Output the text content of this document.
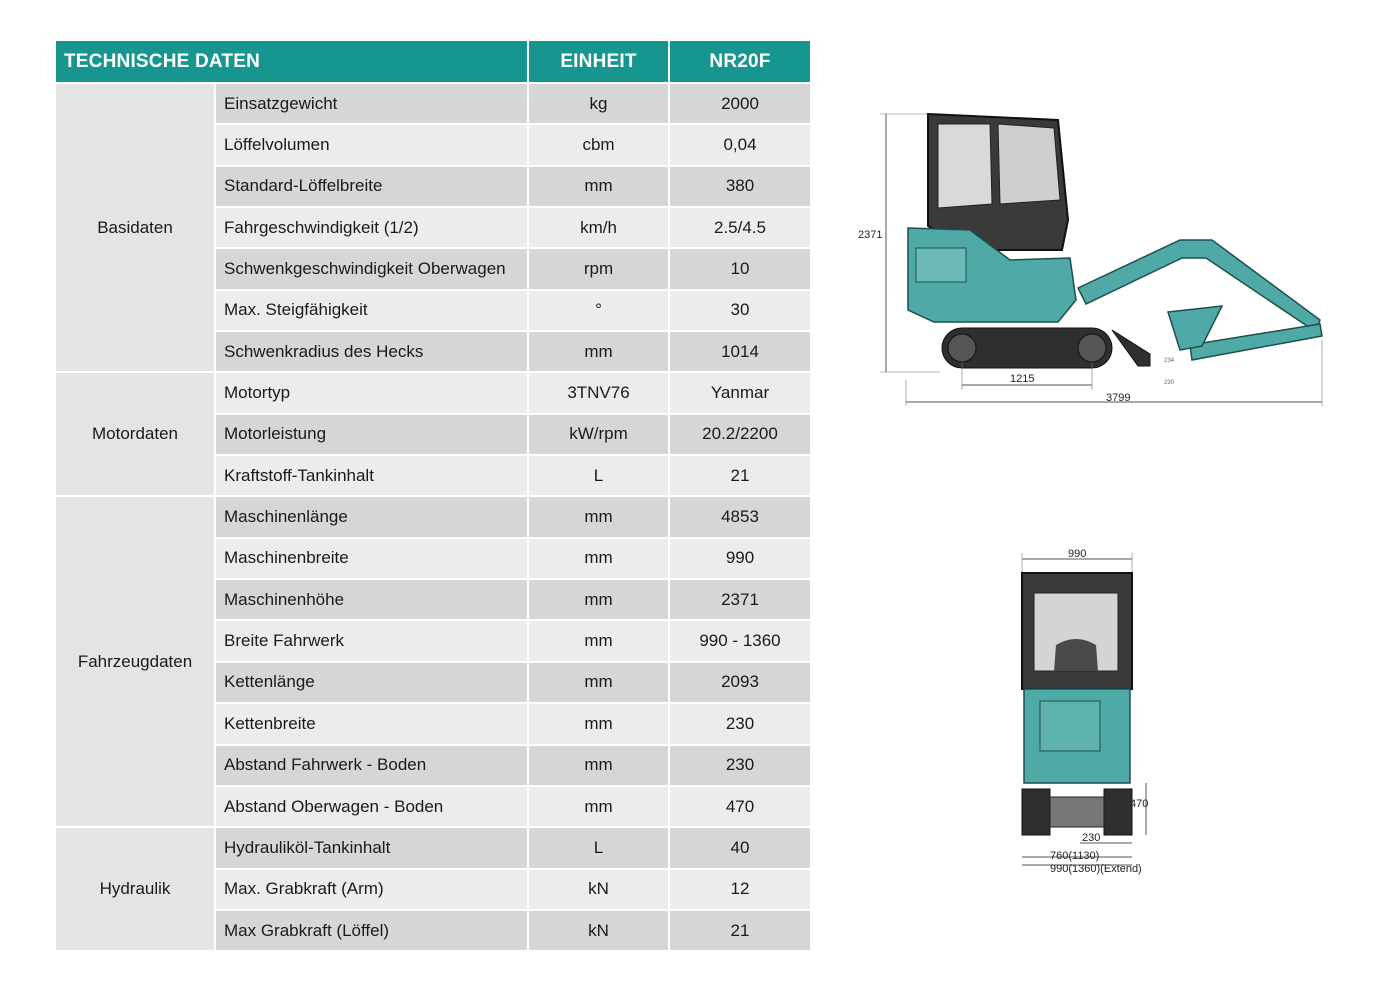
TECHNISCHE DATEN		EINHEIT	NR20F
Basidaten	Einsatzgewicht	kg	2000
	Löffelvolumen	cbm	0,04
	Standard-Löffelbreite	mm	380
	Fahrgeschwindigkeit (1/2)	km/h	2.5/4.5
	Schwenkgeschwindigkeit Oberwagen	rpm	10
	Max. Steigfähigkeit	°	30
	Schwenkradius des Hecks	mm	1014
Motordaten	Motortyp	3TNV76	Yanmar
	Motorleistung	kW/rpm	20.2/2200
	Kraftstoff-Tankinhalt	L	21
Fahrzeugdaten	Maschinenlänge	mm	4853
	Maschinenbreite	mm	990
	Maschinenhöhe	mm	2371
	Breite Fahrwerk	mm	990 - 1360
	Kettenlänge	mm	2093
	Kettenbreite	mm	230
	Abstand Fahrwerk - Boden	mm	230
	Abstand Oberwagen - Boden	mm	470
Hydraulik	Hydrauliköl-Tankinhalt	L	40
	Max. Grabkraft (Arm)	kN	12
	Max Grabkraft (Löffel)	kN	21
2371
1215
3799
234
230
990
470
230
760(1130)
990(1360)(Extend)
